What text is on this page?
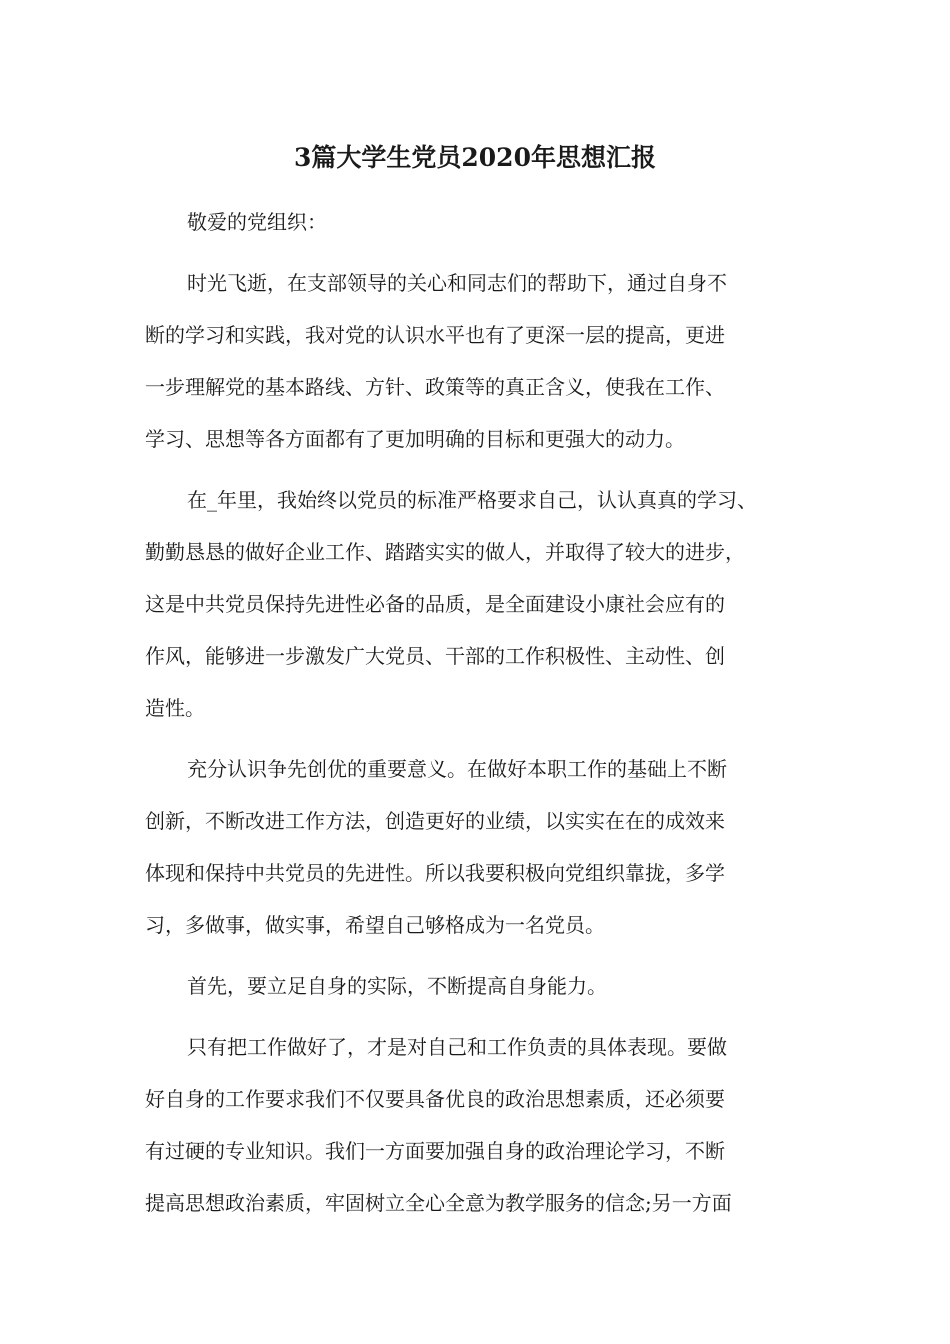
3篇大学生党员2020年思想汇报

敬爱的党组织：

时光飞逝，在支部领导的关心和同志们的帮助下，通过自身不
断的学习和实践，我对党的认识水平也有了更深一层的提高，更进
一步理解党的基本路线、方针、政策等的真正含义，使我在工作、
学习、思想等各方面都有了更加明确的目标和更强大的动力。

在_年里，我始终以党员的标准严格要求自己，认认真真的学习、
勤勤恳恳的做好企业工作、踏踏实实的做人，并取得了较大的进步，
这是中共党员保持先进性必备的品质，是全面建设小康社会应有的
作风，能够进一步激发广大党员、干部的工作积极性、主动性、创
造性。

充分认识争先创优的重要意义。在做好本职工作的基础上不断
创新，不断改进工作方法，创造更好的业绩，以实实在在的成效来
体现和保持中共党员的先进性。所以我要积极向党组织靠拢，多学
习，多做事，做实事，希望自己够格成为一名党员。

首先，要立足自身的实际，不断提高自身能力。

只有把工作做好了，才是对自己和工作负责的具体表现。要做
好自身的工作要求我们不仅要具备优良的政治思想素质，还必须要
有过硬的专业知识。我们一方面要加强自身的政治理论学习，不断
提高思想政治素质，牢固树立全心全意为教学服务的信念;另一方面
